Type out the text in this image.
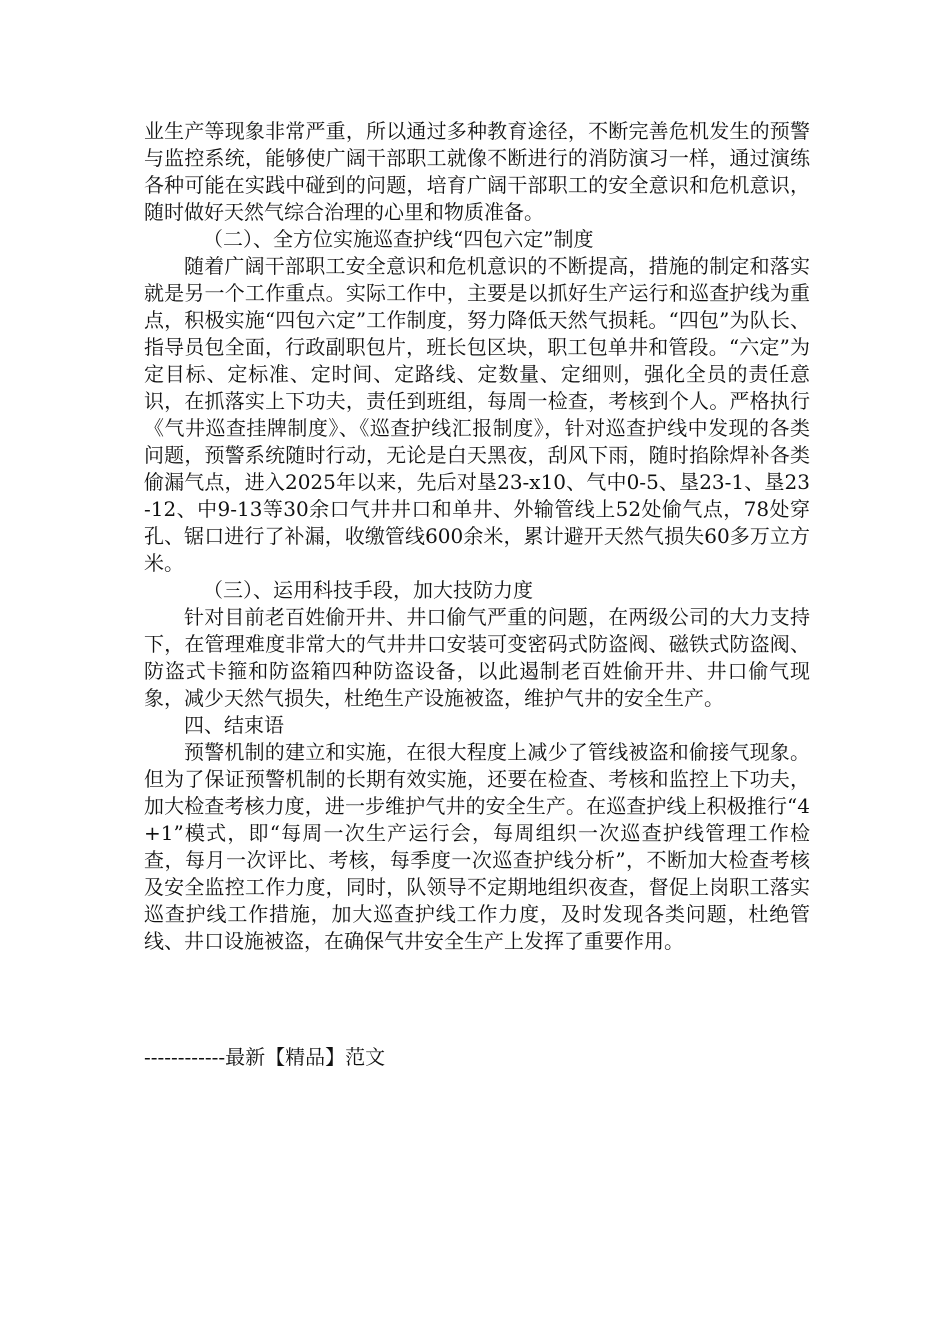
业生产等现象非常严重，所以通过多种教育途径，不断完善危机发生的预警与监控系统，能够使广阔干部职工就像不断进行的消防演习一样，通过演练各种可能在实践中碰到的问题，培育广阔干部职工的安全意识和危机意识，随时做好天然气综合治理的心里和物质准备。

（二）、全方位实施巡查护线“四包六定”制度

随着广阔干部职工安全意识和危机意识的不断提高，措施的制定和落实就是另一个工作重点。实际工作中，主要是以抓好生产运行和巡查护线为重点，积极实施“四包六定”工作制度，努力降低天然气损耗。“四包”为队长、指导员包全面，行政副职包片，班长包区块，职工包单井和管段。“六定”为定目标、定标准、定时间、定路线、定数量、定细则，强化全员的责任意识，在抓落实上下功夫，责任到班组，每周一检查，考核到个人。严格执行《气井巡查挂牌制度》、《巡查护线汇报制度》，针对巡查护线中发现的各类问题，预警系统随时行动，无论是白天黑夜，刮风下雨，随时掐除焊补各类偷漏气点，进入2025年以来，先后对垦23-x10、气中0-5、垦23-1、垦23-12、中9-13等30余口气井井口和单井、外输管线上52处偷气点，78处穿孔、锯口进行了补漏，收缴管线600余米，累计避开天然气损失60多万立方米。

（三）、运用科技手段，加大技防力度

针对目前老百姓偷开井、井口偷气严重的问题，在两级公司的大力支持下，在管理难度非常大的气井井口安装可变密码式防盗阀、磁铁式防盗阀、防盗式卡箍和防盗箱四种防盗设备，以此遏制老百姓偷开井、井口偷气现象，减少天然气损失，杜绝生产设施被盗，维护气井的安全生产。

四、结束语

预警机制的建立和实施，在很大程度上减少了管线被盗和偷接气现象。但为了保证预警机制的长期有效实施，还要在检查、考核和监控上下功夫，加大检查考核力度，进一步维护气井的安全生产。在巡查护线上积极推行“4+1”模式，即“每周一次生产运行会，每周组织一次巡查护线管理工作检查，每月一次评比、考核，每季度一次巡查护线分析”，不断加大检查考核及安全监控工作力度，同时，队领导不定期地组织夜查，督促上岗职工落实巡查护线工作措施，加大巡查护线工作力度，及时发现各类问题，杜绝管线、井口设施被盗，在确保气井安全生产上发挥了重要作用。

------------最新【精品】范文
